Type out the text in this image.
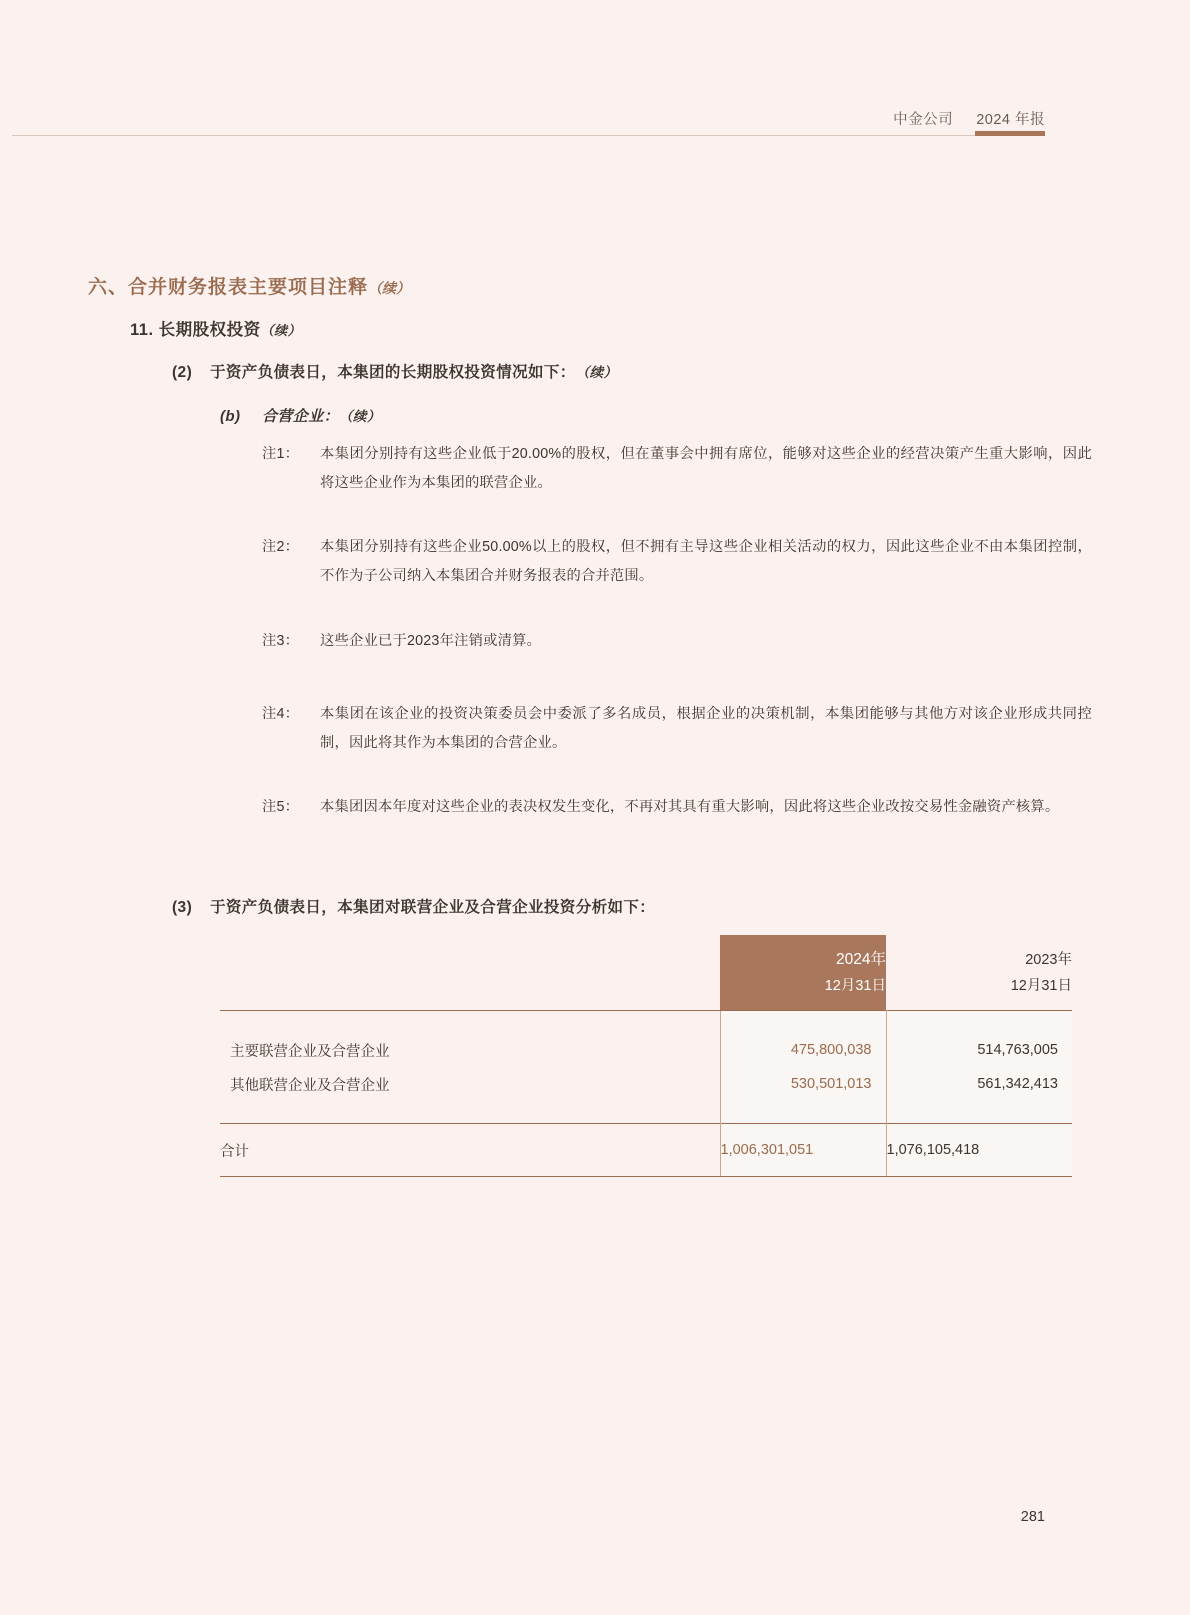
中金公司 2024 年报
六、合并财务报表主要项目注释（续）
11. 长期股权投资（续）
(2) 于资产负债表日，本集团的长期股权投资情况如下：（续）
(b) 合营企业：（续）
注1：	本集团分别持有这些企业低于20.00%的股权，但在董事会中拥有席位，能够对这些企业的经营决策产生重大影响，因此将这些企业作为本集团的联营企业。
注2：	本集团分别持有这些企业50.00%以上的股权，但不拥有主导这些企业相关活动的权力，因此这些企业不由本集团控制，不作为子公司纳入本集团合并财务报表的合并范围。
注3：	这些企业已于2023年注销或清算。
注4：	本集团在该企业的投资决策委员会中委派了多名成员，根据企业的决策机制，本集团能够与其他方对该企业形成共同控制，因此将其作为本集团的合营企业。
注5：	本集团因本年度对这些企业的表决权发生变化，不再对其具有重大影响，因此将这些企业改按交易性金融资产核算。
(3) 于资产负债表日，本集团对联营企业及合营企业投资分析如下：

2024年
12月31日

2023年
12月31日

主要联营企业及合营企业	475,800,038	514,763,005
其他联营企业及合营企业	530,501,013	561,342,413

合计	1,006,301,051	1,076,105,418
281
